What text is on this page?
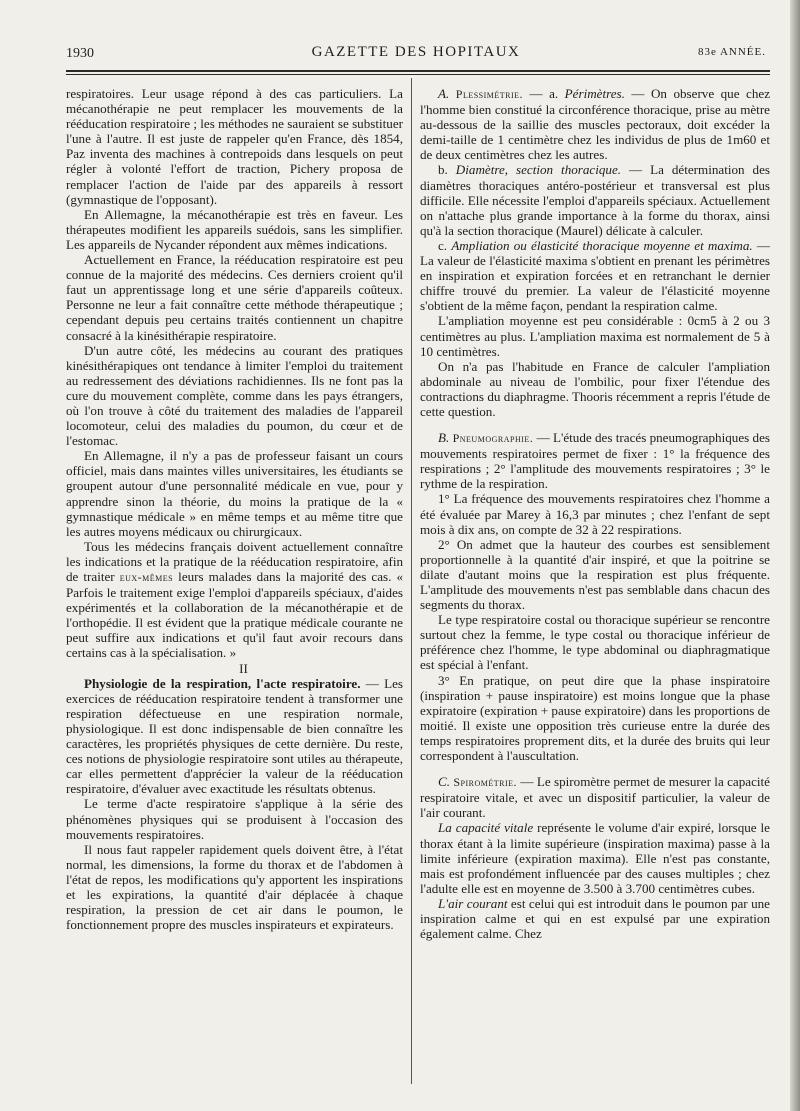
1930	GAZETTE DES HOPITAUX	83e ANNÉE.

respiratoires. Leur usage répond à des cas particuliers. La mécanothérapie ne peut remplacer les mouvements de la rééducation respiratoire ; les méthodes ne sauraient se substituer l'une à l'autre. Il est juste de rappeler qu'en France, dès 1854, Paz inventa des machines à contrepoids dans lesquels on peut régler à volonté l'effort de traction, Pichery proposa de remplacer l'action de l'aide par des appareils à ressort (gymnastique de l'opposant).

En Allemagne, la mécanothérapie est très en faveur. Les thérapeutes modifient les appareils suédois, sans les simplifier. Les appareils de Nycander répondent aux mêmes indications.

Actuellement en France, la rééducation respiratoire est peu connue de la majorité des médecins. Ces derniers croient qu'il faut un apprentissage long et une série d'appareils coûteux. Personne ne leur a fait connaître cette méthode thérapeutique ; cependant depuis peu certains traités contiennent un chapitre consacré à la kinésithérapie respiratoire.

D'un autre côté, les médecins au courant des pratiques kinésithérapiques ont tendance à limiter l'emploi du traitement au redressement des déviations rachidiennes. Ils ne font pas la cure du mouvement complète, comme dans les pays étrangers, où l'on trouve à côté du traitement des maladies de l'appareil locomoteur, celui des maladies du poumon, du cœur et de l'estomac.

En Allemagne, il n'y a pas de professeur faisant un cours officiel, mais dans maintes villes universitaires, les étudiants se groupent autour d'une personnalité médicale en vue, pour y apprendre sinon la théorie, du moins la pratique de la « gymnastique médicale » en même temps et au même titre que les autres moyens médicaux ou chirurgicaux.

Tous les médecins français doivent actuellement connaître les indications et la pratique de la rééducation respiratoire, afin de traiter eux-mêmes leurs malades dans la majorité des cas. « Parfois le traitement exige l'emploi d'appareils spéciaux, d'aides expérimentés et la collaboration de la mécanothérapie et de l'orthopédie. Il est évident que la pratique médicale courante ne peut suffire aux indications et qu'il faut avoir recours dans certains cas à la spécialisation. »

II

Physiologie de la respiration, l'acte respiratoire. — Les exercices de rééducation respiratoire tendent à transformer une respiration défectueuse en une respiration normale, physiologique. Il est donc indispensable de bien connaître les caractères, les propriétés physiques de cette dernière. Du reste, ces notions de physiologie respiratoire sont utiles au thérapeute, car elles permettent d'apprécier la valeur de la rééducation respiratoire, d'évaluer avec exactitude les résultats obtenus.

Le terme d'acte respiratoire s'applique à la série des phénomènes physiques qui se produisent à l'occasion des mouvements respiratoires.

Il nous faut rappeler rapidement quels doivent être, à l'état normal, les dimensions, la forme du thorax et de l'abdomen à l'état de repos, les modifications qu'y apportent les inspirations et les expirations, la quantité d'air déplacée à chaque respiration, la pression de cet air dans le poumon, le fonctionnement propre des muscles inspirateurs et expirateurs.

A. Plessimétrie. — a. Périmètres. — On observe que chez l'homme bien constitué la circonférence thoracique, prise au mètre au-dessous de la saillie des muscles pectoraux, doit excéder la demi-taille de 1 centimètre chez les individus de plus de 1m60 et de deux centimètres chez les autres.

b. Diamètre, section thoracique. — La détermination des diamètres thoraciques antéro-postérieur et transversal est plus difficile. Elle nécessite l'emploi d'appareils spéciaux. Actuellement on n'attache plus grande importance à la forme du thorax, ainsi qu'à la section thoracique (Maurel) délicate à calculer.

c. Ampliation ou élasticité thoracique moyenne et maxima. — La valeur de l'élasticité maxima s'obtient en prenant les périmètres en inspiration et expiration forcées et en retranchant le dernier chiffre trouvé du premier. La valeur de l'élasticité moyenne s'obtient de la même façon, pendant la respiration calme.

L'ampliation moyenne est peu considérable : 0cm5 à 2 ou 3 centimètres au plus. L'ampliation maxima est normalement de 5 à 10 centimètres.

On n'a pas l'habitude en France de calculer l'ampliation abdominale au niveau de l'ombilic, pour fixer l'étendue des contractions du diaphragme. Thooris récemment a repris l'étude de cette question.

B. Pneumographie. — L'étude des tracés pneumographiques des mouvements respiratoires permet de fixer : 1° la fréquence des respirations ; 2° l'amplitude des mouvements respiratoires ; 3° le rythme de la respiration.

1° La fréquence des mouvements respiratoires chez l'homme a été évaluée par Marey à 16,3 par minutes ; chez l'enfant de sept mois à dix ans, on compte de 32 à 22 respirations.

2° On admet que la hauteur des courbes est sensiblement proportionnelle à la quantité d'air inspiré, et que la poitrine se dilate d'autant moins que la respiration est plus fréquente. L'amplitude des mouvements n'est pas semblable dans chacun des segments du thorax.

Le type respiratoire costal ou thoracique supérieur se rencontre surtout chez la femme, le type costal ou thoracique inférieur de préférence chez l'homme, le type abdominal ou diaphragmatique est spécial à l'enfant.

3° En pratique, on peut dire que la phase inspiratoire (inspiration + pause inspiratoire) est moins longue que la phase expiratoire (expiration + pause expiratoire) dans les proportions de moitié. Il existe une opposition très curieuse entre la durée des temps respiratoires proprement dits, et la durée des bruits qui leur correspondent à l'auscultation.

C. Spirométrie. — Le spiromètre permet de mesurer la capacité respiratoire vitale, et avec un dispositif particulier, la valeur de l'air courant.

La capacité vitale représente le volume d'air expiré, lorsque le thorax étant à la limite supérieure (inspiration maxima) passe à la limite inférieure (expiration maxima). Elle n'est pas constante, mais est profondément influencée par des causes multiples ; chez l'adulte elle est en moyenne de 3.500 à 3.700 centimètres cubes.

L'air courant est celui qui est introduit dans le poumon par une inspiration calme et qui en est expulsé par une expiration également calme. Chez
